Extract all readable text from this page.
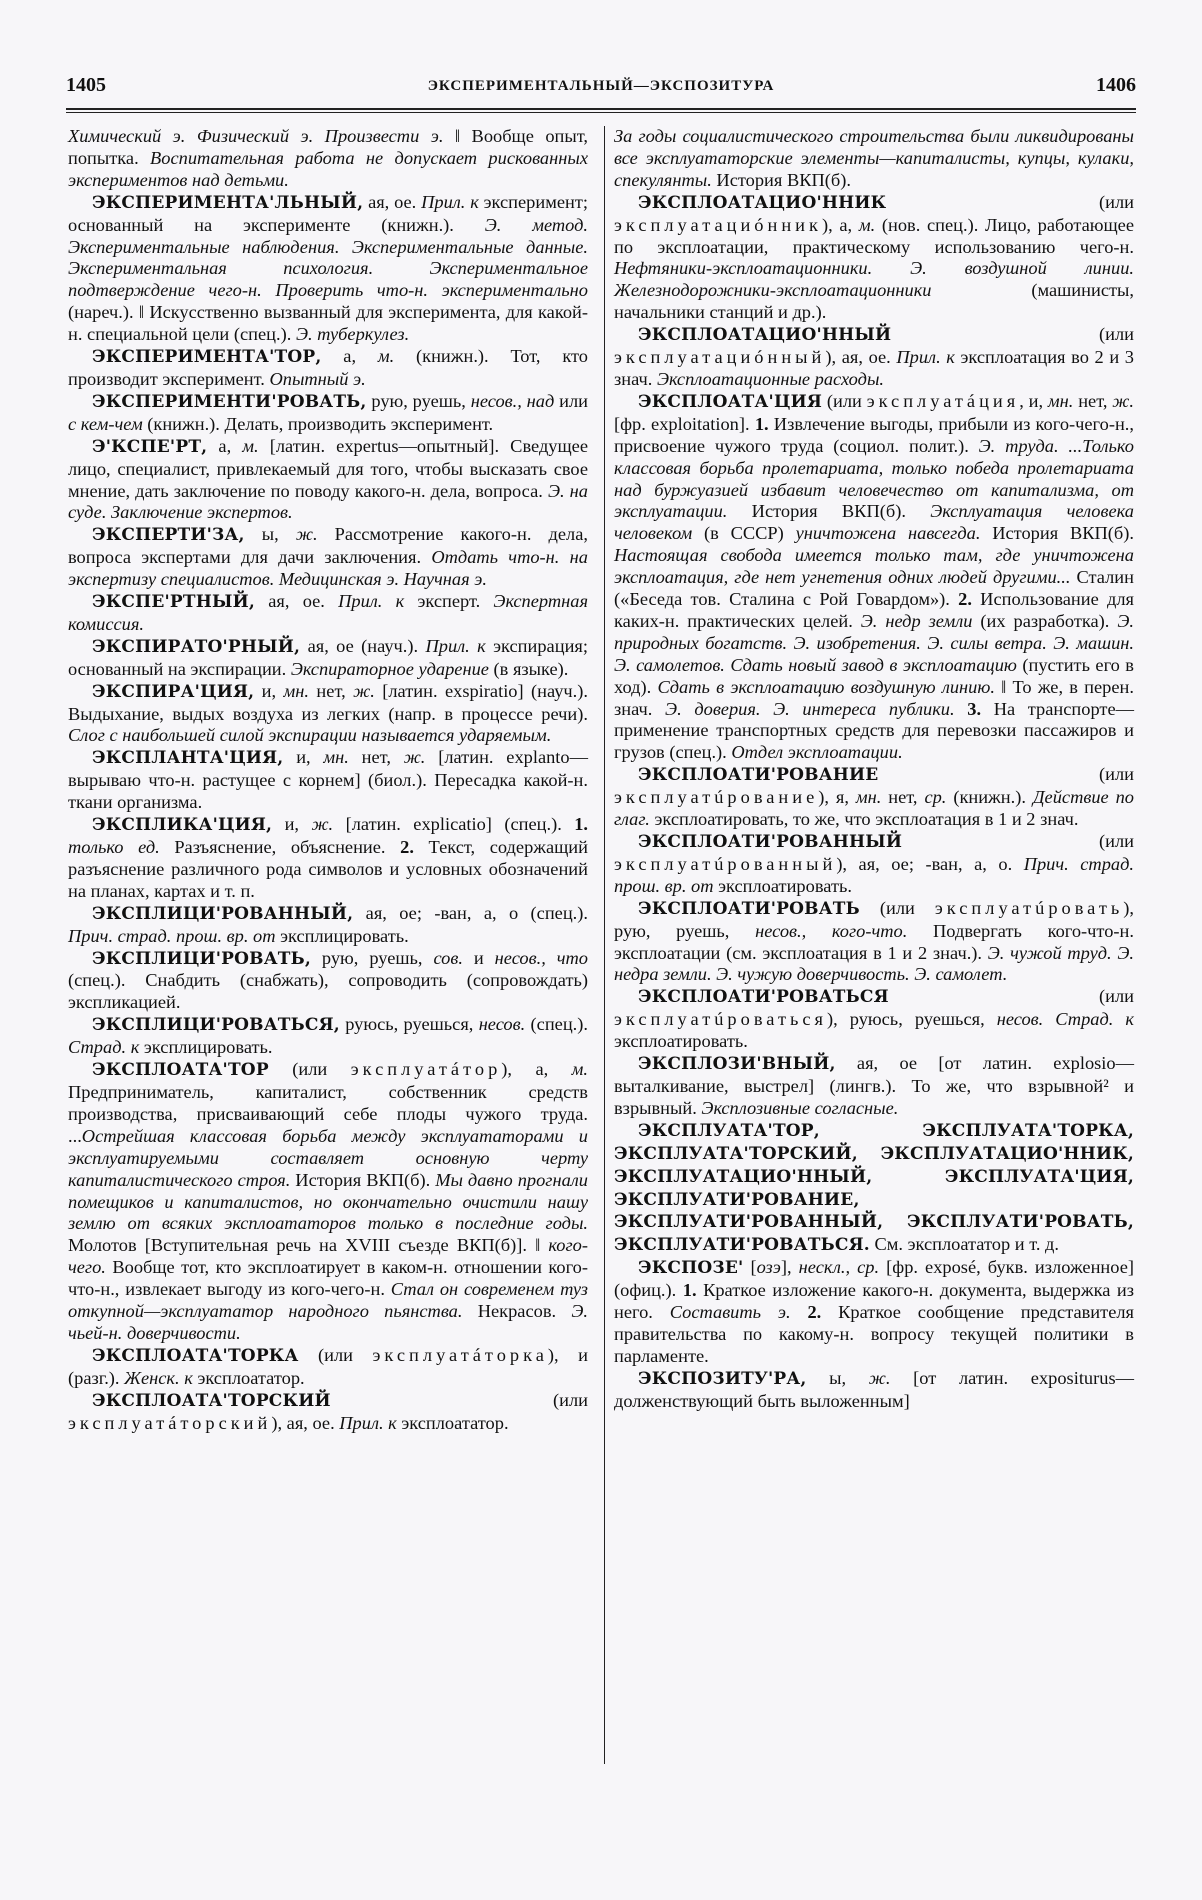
1405	ЭКСПЕРИМЕНТАЛЬНЫЙ—ЭКСПОЗИТУРА	1406

Химический э. Физический э. Произвести э. ‖ Вообще опыт, попытка. Воспитательная работа не допускает рискованных экспериментов над детьми.

ЭКСПЕРИМЕНТА'ЛЬНЫЙ, ая, ое. Прил. к эксперимент; основанный на эксперименте (книжн.). Э. метод. Экспериментальные наблюдения. Экспериментальные данные. Экспериментальная психология. Экспериментальное подтверждение чего-н. Проверить что-н. экспериментально (нареч.). ‖ Искусственно вызванный для эксперимента, для какой-н. специальной цели (спец.). Э. туберкулез.

ЭКСПЕРИМЕНТА'ТОР, а, м. (книжн.). Тот, кто производит эксперимент. Опытный э.

ЭКСПЕРИМЕНТИ'РОВАТЬ, рую, руешь, несов., над или с кем-чем (книжн.). Делать, производить эксперимент.

Э'КСПЕ'РТ, а, м. [латин. expertus—опытный]. Сведущее лицо, специалист, привлекаемый для того, чтобы высказать свое мнение, дать заключение по поводу какого-н. дела, вопроса. Э. на суде. Заключение экспертов.

ЭКСПЕРТИ'ЗА, ы, ж. Рассмотрение какого-н. дела, вопроса экспертами для дачи заключения. Отдать что-н. на экспертизу специалистов. Медицинская э. Научная э.

ЭКСПЕ'РТНЫЙ, ая, ое. Прил. к эксперт. Экспертная комиссия.

ЭКСПИРАТО'РНЫЙ, ая, ое (науч.). Прил. к экспирация; основанный на экспирации. Экспираторное ударение (в языке).

ЭКСПИРА'ЦИЯ, и, мн. нет, ж. [латин. exspiratio] (науч.). Выдыхание, выдых воздуха из легких (напр. в процессе речи). Слог с наибольшей силой экспирации называется ударяемым.

ЭКСПЛАНТА'ЦИЯ, и, мн. нет, ж. [латин. explanto—вырываю что-н. растущее с корнем] (биол.). Пересадка какой-н. ткани организма.

ЭКСПЛИКА'ЦИЯ, и, ж. [латин. explicatio] (спец.). 1. только ед. Разъяснение, объяснение. 2. Текст, содержащий разъяснение различного рода символов и условных обозначений на планах, картах и т. п.

ЭКСПЛИЦИ'РОВАННЫЙ, ая, ое; -ван, а, о (спец.). Прич. страд. прош. вр. от эксплицировать.

ЭКСПЛИЦИ'РОВАТЬ, рую, руешь, сов. и несов., что (спец.). Снабдить (снабжать), сопроводить (сопровождать) экспликацией.

ЭКСПЛИЦИ'РОВАТЬСЯ, руюсь, руешься, несов. (спец.). Страд. к эксплицировать.

ЭКСПЛОАТА'ТОР (или эксплуатáтор), а, м. Предприниматель, капиталист, собственник средств производства, присваивающий себе плоды чужого труда. ...Острейшая классовая борьба между эксплуататорами и эксплуатируемыми составляет основную черту капиталистического строя. История ВКП(б). Мы давно прогнали помещиков и капиталистов, но окончательно очистили нашу землю от всяких эксплоататоров только в последние годы. Молотов [Вступительная речь на XVIII съезде ВКП(б)]. ‖ кого-чего. Вообще тот, кто эксплоатирует в каком-н. отношении кого-что-н., извлекает выгоду из кого-чего-н. Стал он современем туз откупной—эксплуататор народного пьянства. Некрасов. Э. чьей-н. доверчивости.

ЭКСПЛОАТА'ТОРКА (или эксплуатáторка), и (разг.). Женск. к эксплоататор.

ЭКСПЛОАТА'ТОРСКИЙ (или эксплуатáторский), ая, ое. Прил. к эксплоататор.

За годы социалистического строительства были ликвидированы все эксплуататорские элементы—капиталисты, купцы, кулаки, спекулянты. История ВКП(б).

ЭКСПЛОАТАЦИО'ННИК (или эксплуатациóнник), а, м. (нов. спец.). Лицо, работающее по эксплоатации, практическому использованию чего-н. Нефтяники-эксплоатационники. Э. воздушной линии. Железнодорожники-эксплоатационники (машинисты, начальники станций и др.).

ЭКСПЛОАТАЦИО'ННЫЙ (или эксплуатациóнный), ая, ое. Прил. к эксплоатация во 2 и 3 знач. Эксплоатационные расходы.

ЭКСПЛОАТА'ЦИЯ (или эксплуатáция, и, мн. нет, ж. [фр. exploitation]. 1. Извлечение выгоды, прибыли из кого-чего-н., присвоение чужого труда (социол. полит.). Э. труда. ...Только классовая борьба пролетариата, только победа пролетариата над буржуазией избавит человечество от капитализма, от эксплуатации. История ВКП(б). Эксплуатация человека человеком (в СССР) уничтожена навсегда. История ВКП(б). Настоящая свобода имеется только там, где уничтожена эксплоатация, где нет угнетения одних людей другими... Сталин («Беседа тов. Сталина с Рой Говардом»). 2. Использование для каких-н. практических целей. Э. недр земли (их разработка). Э. природных богатств. Э. изобретения. Э. силы ветра. Э. машин. Э. самолетов. Сдать новый завод в эксплоатацию (пустить его в ход). Сдать в эксплоатацию воздушную линию. ‖ То же, в перен. знач. Э. доверия. Э. интереса публики. 3. На транспорте—применение транспортных средств для перевозки пассажиров и грузов (спец.). Отдел эксплоатации.

ЭКСПЛОАТИ'РОВАНИЕ (или эксплуатúрование), я, мн. нет, ср. (книжн.). Действие по глаг. эксплоатировать, то же, что эксплоатация в 1 и 2 знач.

ЭКСПЛОАТИ'РОВАННЫЙ (или эксплуатúрованный), ая, ое; -ван, а, о. Прич. страд. прош. вр. от эксплоатировать.

ЭКСПЛОАТИ'РОВАТЬ (или эксплуатúровать), рую, руешь, несов., кого-что. Подвергать кого-что-н. эксплоатации (см. эксплоатация в 1 и 2 знач.). Э. чужой труд. Э. недра земли. Э. чужую доверчивость. Э. самолет.

ЭКСПЛОАТИ'РОВАТЬСЯ (или эксплуатúроваться), руюсь, руешься, несов. Страд. к эксплоатировать.

ЭКСПЛОЗИ'ВНЫЙ, ая, ое [от латин. explosio—выталкивание, выстрел] (лингв.). То же, что взрывной² и взрывный. Эксплозивные согласные.

ЭКСПЛУАТА'ТОР, ЭКСПЛУАТА'ТОРКА, ЭКСПЛУАТА'ТОРСКИЙ, ЭКСПЛУАТАЦИО'ННИК, ЭКСПЛУАТАЦИО'ННЫЙ, ЭКСПЛУАТА'ЦИЯ, ЭКСПЛУАТИ'РОВАНИЕ, ЭКСПЛУАТИ'РОВАННЫЙ, ЭКСПЛУАТИ'РОВАТЬ, ЭКСПЛУАТИ'РОВАТЬСЯ. См. эксплоататор и т. д.

ЭКСПОЗЕ' [озэ], нескл., ср. [фр. exposé, букв. изложенное] (офиц.). 1. Краткое изложение какого-н. документа, выдержка из него. Составить э. 2. Краткое сообщение представителя правительства по какому-н. вопросу текущей политики в парламенте.

ЭКСПОЗИТУ'РА, ы, ж. [от латин. expositurus—долженствующий быть выложенным]
